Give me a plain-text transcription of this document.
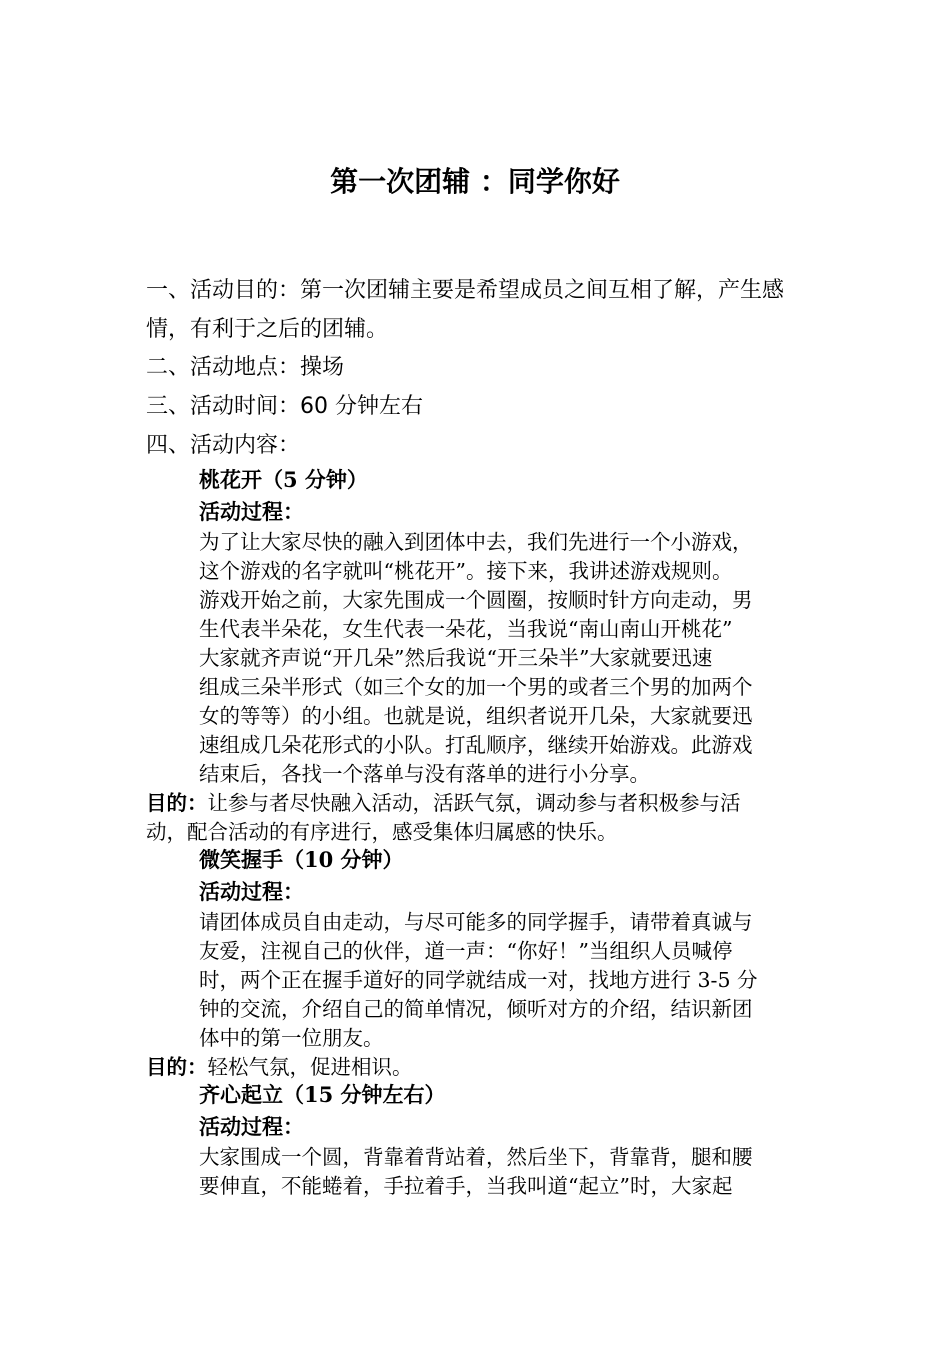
第一次团辅 ：同学你好
一、活动目的：第一次团辅主要是希望成员之间互相了解，产生感
情，有利于之后的团辅。
二、活动地点：操场
三、活动时间：60 分钟左右
四、活动内容：
桃花开（5 分钟）
活动过程：
为了让大家尽快的融入到团体中去，我们先进行一个小游戏，
这个游戏的名字就叫“桃花开”。接下来，我讲述游戏规则。
游戏开始之前，大家先围成一个圆圈，按顺时针方向走动，男
生代表半朵花，女生代表一朵花，当我说“南山南山开桃花”
大家就齐声说“开几朵”然后我说“开三朵半”大家就要迅速
组成三朵半形式（如三个女的加一个男的或者三个男的加两个
女的等等）的小组。也就是说，组织者说开几朵，大家就要迅
速组成几朵花形式的小队。打乱顺序，继续开始游戏。此游戏
结束后，各找一个落单与没有落单的进行小分享。
目的：让参与者尽快融入活动，活跃气氛，调动参与者积极参与活
动，配合活动的有序进行，感受集体归属感的快乐。
微笑握手（10 分钟）
活动过程：
请团体成员自由走动，与尽可能多的同学握手，请带着真诚与
友爱，注视自己的伙伴，道一声：“你好！”当组织人员喊停
时，两个正在握手道好的同学就结成一对，找地方进行 3-5 分
钟的交流，介绍自己的简单情况，倾听对方的介绍，结识新团
体中的第一位朋友。
目的：轻松气氛，促进相识。
齐心起立（15 分钟左右）
活动过程：
大家围成一个圆，背靠着背站着，然后坐下，背靠背，腿和腰
要伸直，不能蜷着，手拉着手，当我叫道“起立”时，大家起
